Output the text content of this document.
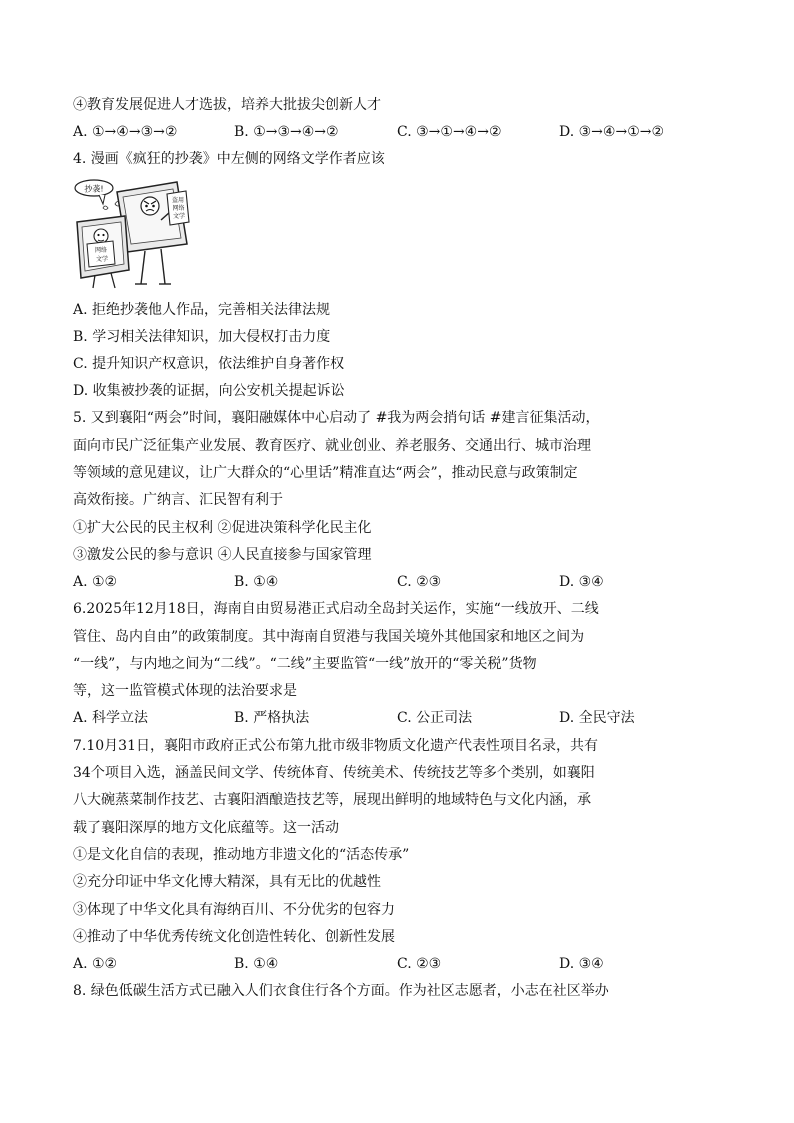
④教育发展促进人才选拔，培养大批拔尖创新人才
A. ①→④→③→②	B. ①→③→④→②	C. ③→①→④→②	D. ③→④→①→②
4. 漫画《疯狂的抄袭》中左侧的网络文学作者应该
抄袭!
盗用
网络
文学
网络
文学
A. 拒绝抄袭他人作品，完善相关法律法规
B. 学习相关法律知识，加大侵权打击力度
C. 提升知识产权意识，依法维护自身著作权
D. 收集被抄袭的证据，向公安机关提起诉讼
5. 又到襄阳“两会”时间，襄阳融媒体中心启动了 #我为两会捎句话 #建言征集活动，
面向市民广泛征集产业发展、教育医疗、就业创业、养老服务、交通出行、城市治理
等领域的意见建议，让广大群众的“心里话”精准直达“两会”，推动民意与政策制定
高效衔接。广纳言、汇民智有利于
①扩大公民的民主权利 ②促进决策科学化民主化
③激发公民的参与意识 ④人民直接参与国家管理
A. ①②	B. ①④	C. ②③	D. ③④
6.2025年12月18日，海南自由贸易港正式启动全岛封关运作，实施“一线放开、二线
管住、岛内自由”的政策制度。其中海南自贸港与我国关境外其他国家和地区之间为
“一线”，与内地之间为“二线”。“二线”主要监管“一线”放开的“零关税”货物
等，这一监管模式体现的法治要求是
A. 科学立法	B. 严格执法	C. 公正司法	D. 全民守法
7.10月31日，襄阳市政府正式公布第九批市级非物质文化遗产代表性项目名录，共有
34个项目入选，涵盖民间文学、传统体育、传统美术、传统技艺等多个类别，如襄阳
八大碗蒸菜制作技艺、古襄阳酒酿造技艺等，展现出鲜明的地域特色与文化内涵，承
载了襄阳深厚的地方文化底蕴等。这一活动
①是文化自信的表现，推动地方非遗文化的“活态传承”
②充分印证中华文化博大精深，具有无比的优越性
③体现了中华文化具有海纳百川、不分优劣的包容力
④推动了中华优秀传统文化创造性转化、创新性发展
A. ①②	B. ①④	C. ②③	D. ③④
8. 绿色低碳生活方式已融入人们衣食住行各个方面。作为社区志愿者，小志在社区举办
